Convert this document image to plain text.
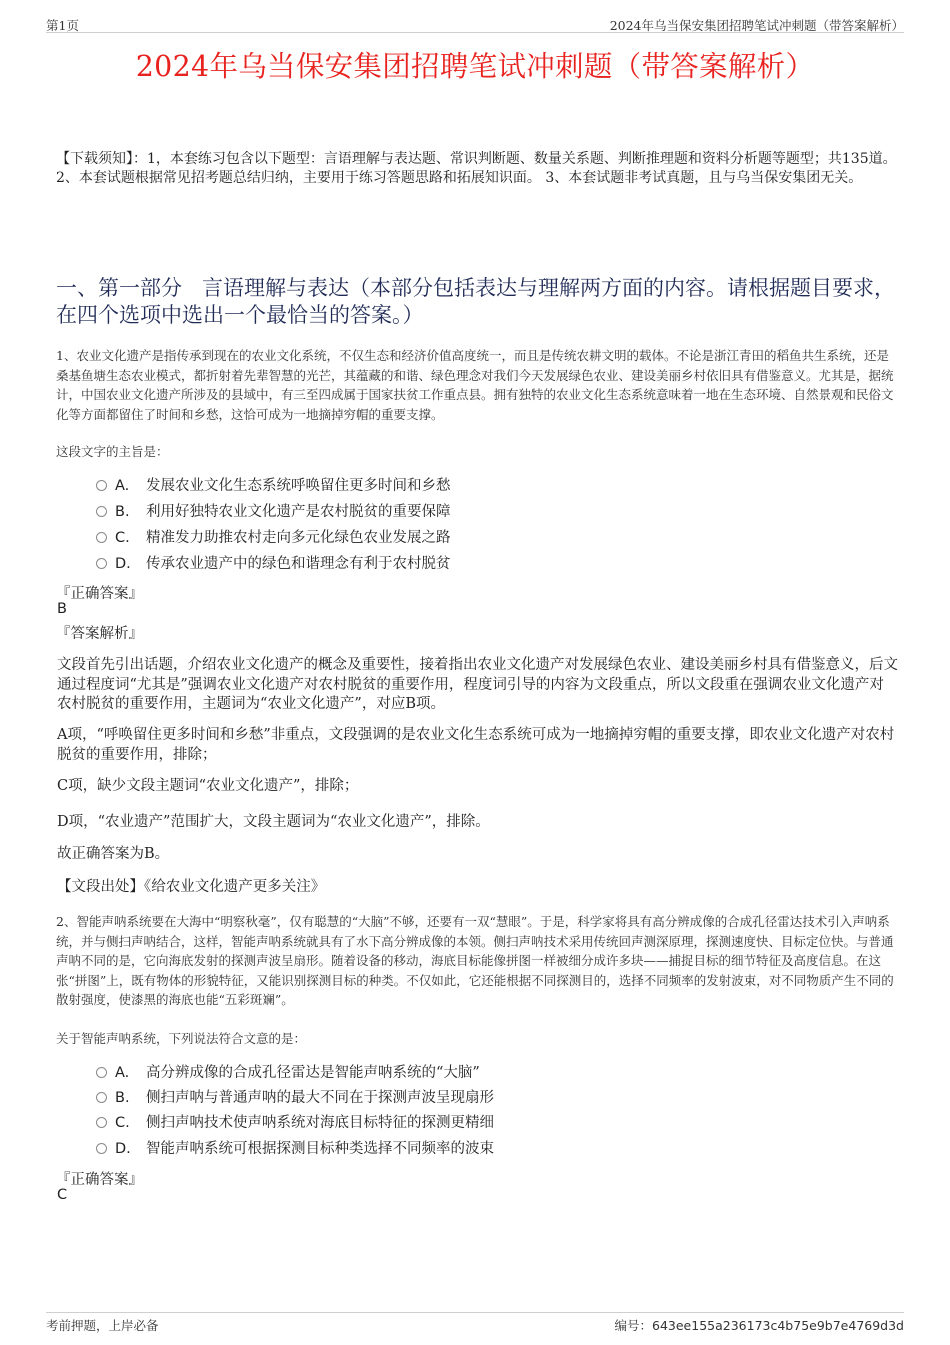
第1页	2024年乌当保安集团招聘笔试冲刺题（带答案解析）
2024年乌当保安集团招聘笔试冲刺题（带答案解析）
【下载须知】：1，本套练习包含以下题型：言语理解与表达题、常识判断题、数量关系题、判断推理题和资料分析题等题型；共135道。 2、本套试题根据常见招考题总结归纳，主要用于练习答题思路和拓展知识面。 3、本套试题非考试真题，且与乌当保安集团无关。
一、第一部分 言语理解与表达（本部分包括表达与理解两方面的内容。请根据题目要求，在四个选项中选出一个最恰当的答案。）
1、农业文化遗产是指传承到现在的农业文化系统，不仅生态和经济价值高度统一，而且是传统农耕文明的载体。不论是浙江青田的稻鱼共生系统，还是桑基鱼塘生态农业模式，都折射着先辈智慧的光芒，其蕴藏的和谐、绿色理念对我们今天发展绿色农业、建设美丽乡村依旧具有借鉴意义。尤其是，据统计，中国农业文化遗产所涉及的县域中，有三至四成属于国家扶贫工作重点县。拥有独特的农业文化生态系统意味着一地在生态环境、自然景观和民俗文化等方面都留住了时间和乡愁，这恰可成为一地摘掉穷帽的重要支撑。
这段文字的主旨是：
A. 发展农业文化生态系统呼唤留住更多时间和乡愁
B. 利用好独特农业文化遗产是农村脱贫的重要保障
C. 精准发力助推农村走向多元化绿色农业发展之路
D. 传承农业遗产中的绿色和谐理念有利于农村脱贫
『正确答案』
B
『答案解析』
文段首先引出话题，介绍农业文化遗产的概念及重要性，接着指出农业文化遗产对发展绿色农业、建设美丽乡村具有借鉴意义，后文通过程度词“尤其是”强调农业文化遗产对农村脱贫的重要作用，程度词引导的内容为文段重点，所以文段重在强调农业文化遗产对农村脱贫的重要作用，主题词为“农业文化遗产”，对应B项。
A项，“呼唤留住更多时间和乡愁”非重点，文段强调的是农业文化生态系统可成为一地摘掉穷帽的重要支撑，即农业文化遗产对农村脱贫的重要作用，排除；
C项，缺少文段主题词“农业文化遗产”，排除；
D项，“农业遗产”范围扩大，文段主题词为“农业文化遗产”，排除。
故正确答案为B。
【文段出处】《给农业文化遗产更多关注》
2、智能声呐系统要在大海中“明察秋毫”，仅有聪慧的“大脑”不够，还要有一双“慧眼”。于是，科学家将具有高分辨成像的合成孔径雷达技术引入声呐系统，并与侧扫声呐结合，这样，智能声呐系统就具有了水下高分辨成像的本领。侧扫声呐技术采用传统回声测深原理，探测速度快、目标定位快。与普通声呐不同的是，它向海底发射的探测声波呈扇形。随着设备的移动，海底目标能像拼图一样被细分成许多块——捕捉目标的细节特征及高度信息。在这张“拼图”上，既有物体的形貌特征，又能识别探测目标的种类。不仅如此，它还能根据不同探测目的，选择不同频率的发射波束，对不同物质产生不同的散射强度，使漆黑的海底也能“五彩斑斓”。
关于智能声呐系统，下列说法符合文意的是：
A. 高分辨成像的合成孔径雷达是智能声呐系统的“大脑”
B. 侧扫声呐与普通声呐的最大不同在于探测声波呈现扇形
C. 侧扫声呐技术使声呐系统对海底目标特征的探测更精细
D. 智能声呐系统可根据探测目标种类选择不同频率的波束
『正确答案』
C
考前押题，上岸必备	编号：643ee155a236173c4b75e9b7e4769d3d
